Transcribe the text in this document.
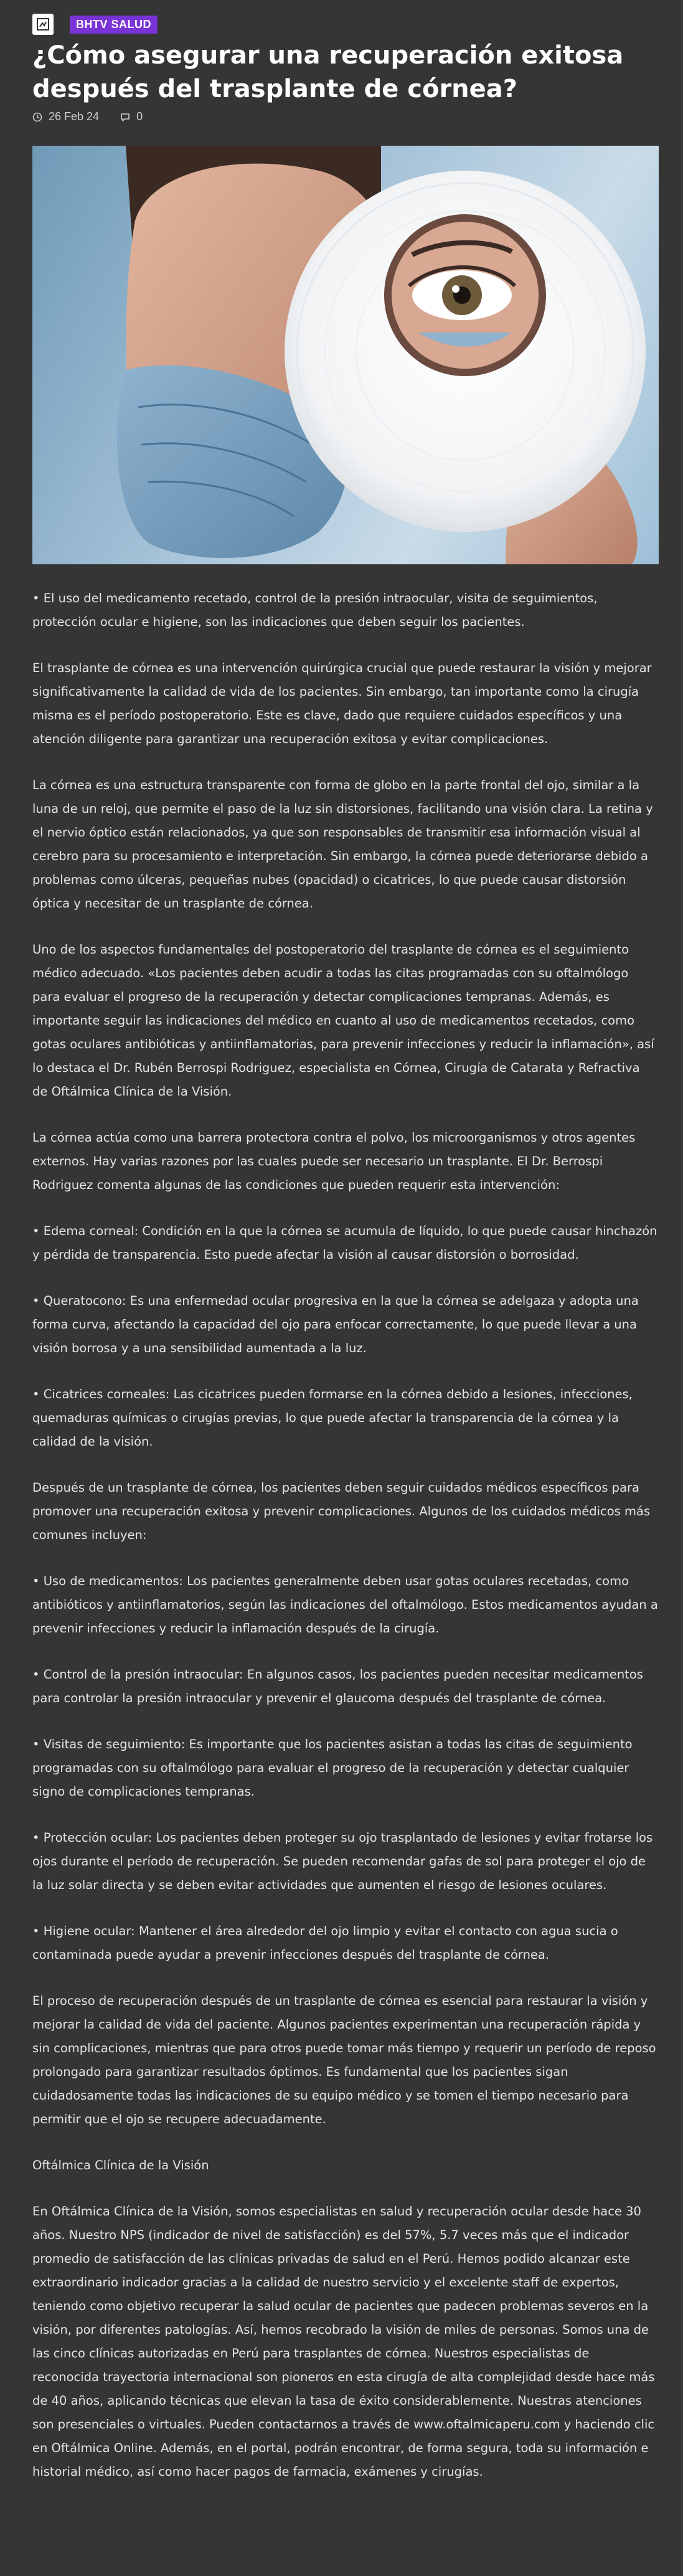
BHTV SALUD
¿Cómo asegurar una recuperación exitosa después del trasplante de córnea?
26 Feb 24	0

• El uso del medicamento recetado, control de la presión intraocular, visita de seguimientos, protección ocular e higiene, son las indicaciones que deben seguir los pacientes.

El trasplante de córnea es una intervención quirúrgica crucial que puede restaurar la visión y mejorar significativamente la calidad de vida de los pacientes. Sin embargo, tan importante como la cirugía misma es el período postoperatorio. Este es clave, dado que requiere cuidados específicos y una atención diligente para garantizar una recuperación exitosa y evitar complicaciones.

La córnea es una estructura transparente con forma de globo en la parte frontal del ojo, similar a la luna de un reloj, que permite el paso de la luz sin distorsiones, facilitando una visión clara. La retina y el nervio óptico están relacionados, ya que son responsables de transmitir esa información visual al cerebro para su procesamiento e interpretación. Sin embargo, la córnea puede deteriorarse debido a problemas como úlceras, pequeñas nubes (opacidad) o cicatrices, lo que puede causar distorsión óptica y necesitar de un trasplante de córnea.

Uno de los aspectos fundamentales del postoperatorio del trasplante de córnea es el seguimiento médico adecuado. «Los pacientes deben acudir a todas las citas programadas con su oftalmólogo para evaluar el progreso de la recuperación y detectar complicaciones tempranas. Además, es importante seguir las indicaciones del médico en cuanto al uso de medicamentos recetados, como gotas oculares antibióticas y antiinflamatorias, para prevenir infecciones y reducir la inflamación», así lo destaca el Dr. Rubén Berrospi Rodriguez, especialista en Córnea, Cirugía de Catarata y Refractiva de Oftálmica Clínica de la Visión.

La córnea actúa como una barrera protectora contra el polvo, los microorganismos y otros agentes externos. Hay varias razones por las cuales puede ser necesario un trasplante. El Dr. Berrospi Rodriguez comenta algunas de las condiciones que pueden requerir esta intervención:

• Edema corneal: Condición en la que la córnea se acumula de líquido, lo que puede causar hinchazón y pérdida de transparencia. Esto puede afectar la visión al causar distorsión o borrosidad.

• Queratocono: Es una enfermedad ocular progresiva en la que la córnea se adelgaza y adopta una forma curva, afectando la capacidad del ojo para enfocar correctamente, lo que puede llevar a una visión borrosa y a una sensibilidad aumentada a la luz.

• Cicatrices corneales: Las cicatrices pueden formarse en la córnea debido a lesiones, infecciones, quemaduras químicas o cirugías previas, lo que puede afectar la transparencia de la córnea y la calidad de la visión.

Después de un trasplante de córnea, los pacientes deben seguir cuidados médicos específicos para promover una recuperación exitosa y prevenir complicaciones. Algunos de los cuidados médicos más comunes incluyen:

• Uso de medicamentos: Los pacientes generalmente deben usar gotas oculares recetadas, como antibióticos y antiinflamatorios, según las indicaciones del oftalmólogo. Estos medicamentos ayudan a prevenir infecciones y reducir la inflamación después de la cirugía.

• Control de la presión intraocular: En algunos casos, los pacientes pueden necesitar medicamentos para controlar la presión intraocular y prevenir el glaucoma después del trasplante de córnea.

• Visitas de seguimiento: Es importante que los pacientes asistan a todas las citas de seguimiento programadas con su oftalmólogo para evaluar el progreso de la recuperación y detectar cualquier signo de complicaciones tempranas.

• Protección ocular: Los pacientes deben proteger su ojo trasplantado de lesiones y evitar frotarse los ojos durante el período de recuperación. Se pueden recomendar gafas de sol para proteger el ojo de la luz solar directa y se deben evitar actividades que aumenten el riesgo de lesiones oculares.

• Higiene ocular: Mantener el área alrededor del ojo limpio y evitar el contacto con agua sucia o contaminada puede ayudar a prevenir infecciones después del trasplante de córnea.

El proceso de recuperación después de un trasplante de córnea es esencial para restaurar la visión y mejorar la calidad de vida del paciente. Algunos pacientes experimentan una recuperación rápida y sin complicaciones, mientras que para otros puede tomar más tiempo y requerir un período de reposo prolongado para garantizar resultados óptimos. Es fundamental que los pacientes sigan cuidadosamente todas las indicaciones de su equipo médico y se tomen el tiempo necesario para permitir que el ojo se recupere adecuadamente.

Oftálmica Clínica de la Visión

En Oftálmica Clínica de la Visión, somos especialistas en salud y recuperación ocular desde hace 30 años. Nuestro NPS (indicador de nivel de satisfacción) es del 57%, 5.7 veces más que el indicador promedio de satisfacción de las clínicas privadas de salud en el Perú. Hemos podido alcanzar este extraordinario indicador gracias a la calidad de nuestro servicio y el excelente staff de expertos, teniendo como objetivo recuperar la salud ocular de pacientes que padecen problemas severos en la visión, por diferentes patologías. Así, hemos recobrado la visión de miles de personas. Somos una de las cinco clínicas autorizadas en Perú para trasplantes de córnea. Nuestros especialistas de reconocida trayectoria internacional son pioneros en esta cirugía de alta complejidad desde hace más de 40 años, aplicando técnicas que elevan la tasa de éxito considerablemente. Nuestras atenciones son presenciales o virtuales. Pueden contactarnos a través de www.oftalmicaperu.com y haciendo clic en Oftálmica Online. Además, en el portal, podrán encontrar, de forma segura, toda su información e historial médico, así como hacer pagos de farmacia, exámenes y cirugías.
